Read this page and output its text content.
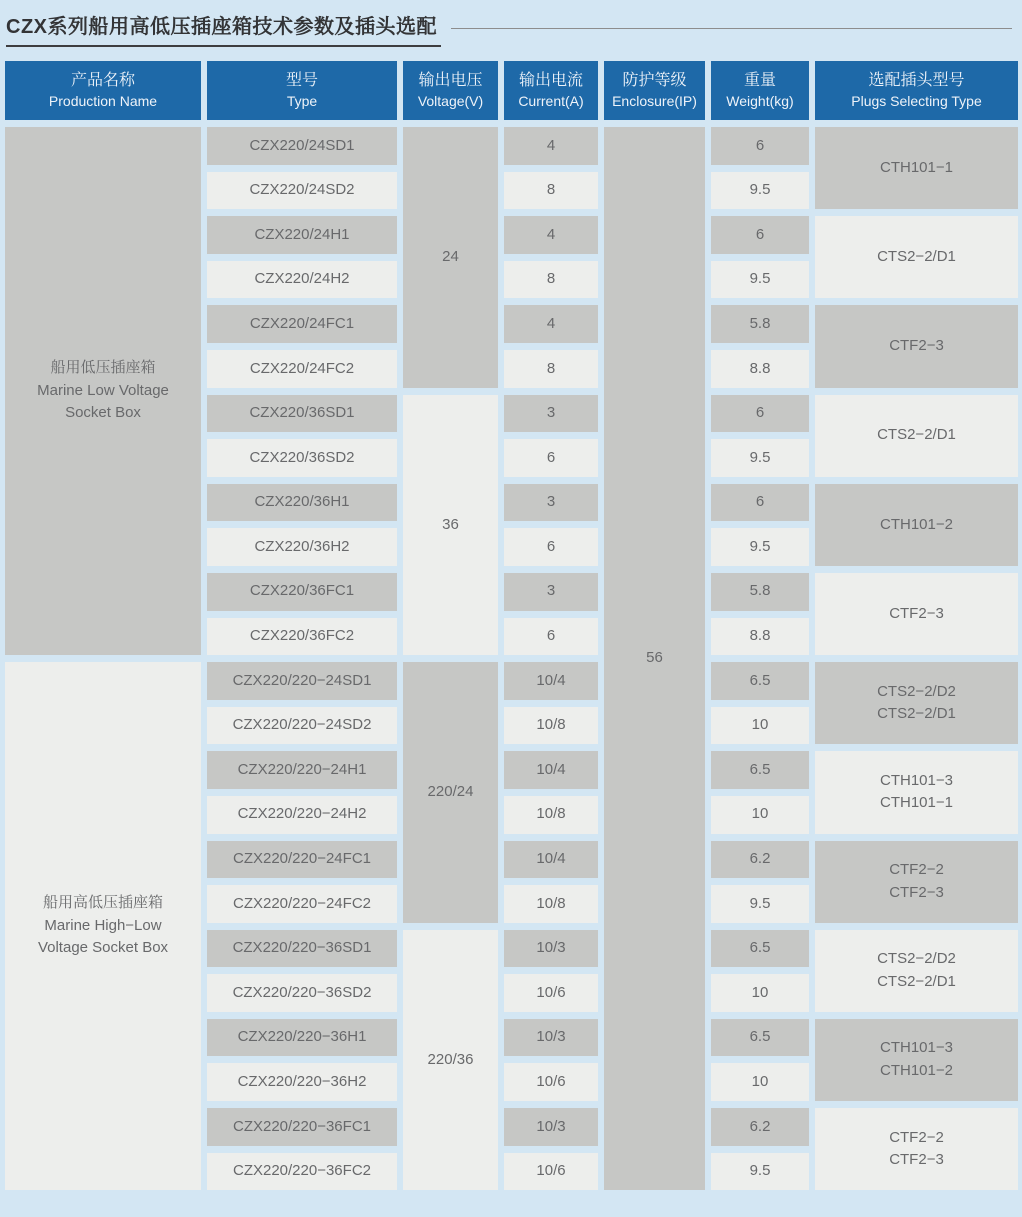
CZX系列船用高低压插座箱技术参数及插头选配
产品名称
Production Name
型号
Type
输出电压
Voltage(V)
输出电流
Current(A)
防护等级
Enclosure(IP)
重量
Weight(kg)
选配插头型号
Plugs Selecting Type
船用低压插座箱
Marine Low Voltage
Socket Box
船用高低压插座箱
Marine High−Low
Voltage Socket Box
CZX220/24SD1
CZX220/24SD2
CZX220/24H1
CZX220/24H2
CZX220/24FC1
CZX220/24FC2
CZX220/36SD1
CZX220/36SD2
CZX220/36H1
CZX220/36H2
CZX220/36FC1
CZX220/36FC2
CZX220/220−24SD1
CZX220/220−24SD2
CZX220/220−24H1
CZX220/220−24H2
CZX220/220−24FC1
CZX220/220−24FC2
CZX220/220−36SD1
CZX220/220−36SD2
CZX220/220−36H1
CZX220/220−36H2
CZX220/220−36FC1
CZX220/220−36FC2
24
36
220/24
220/36
4
8
4
8
4
8
3
6
3
6
3
6
10/4
10/8
10/4
10/8
10/4
10/8
10/3
10/6
10/3
10/6
10/3
10/6
56
6
9.5
6
9.5
5.8
8.8
6
9.5
6
9.5
5.8
8.8
6.5
10
6.5
10
6.2
9.5
6.5
10
6.5
10
6.2
9.5
CTH101−1
CTS2−2/D1
CTF2−3
CTS2−2/D1
CTH101−2
CTF2−3
CTS2−2/D2
CTS2−2/D1
CTH101−3
CTH101−1
CTF2−2
CTF2−3
CTS2−2/D2
CTS2−2/D1
CTH101−3
CTH101−2
CTF2−2
CTF2−3
